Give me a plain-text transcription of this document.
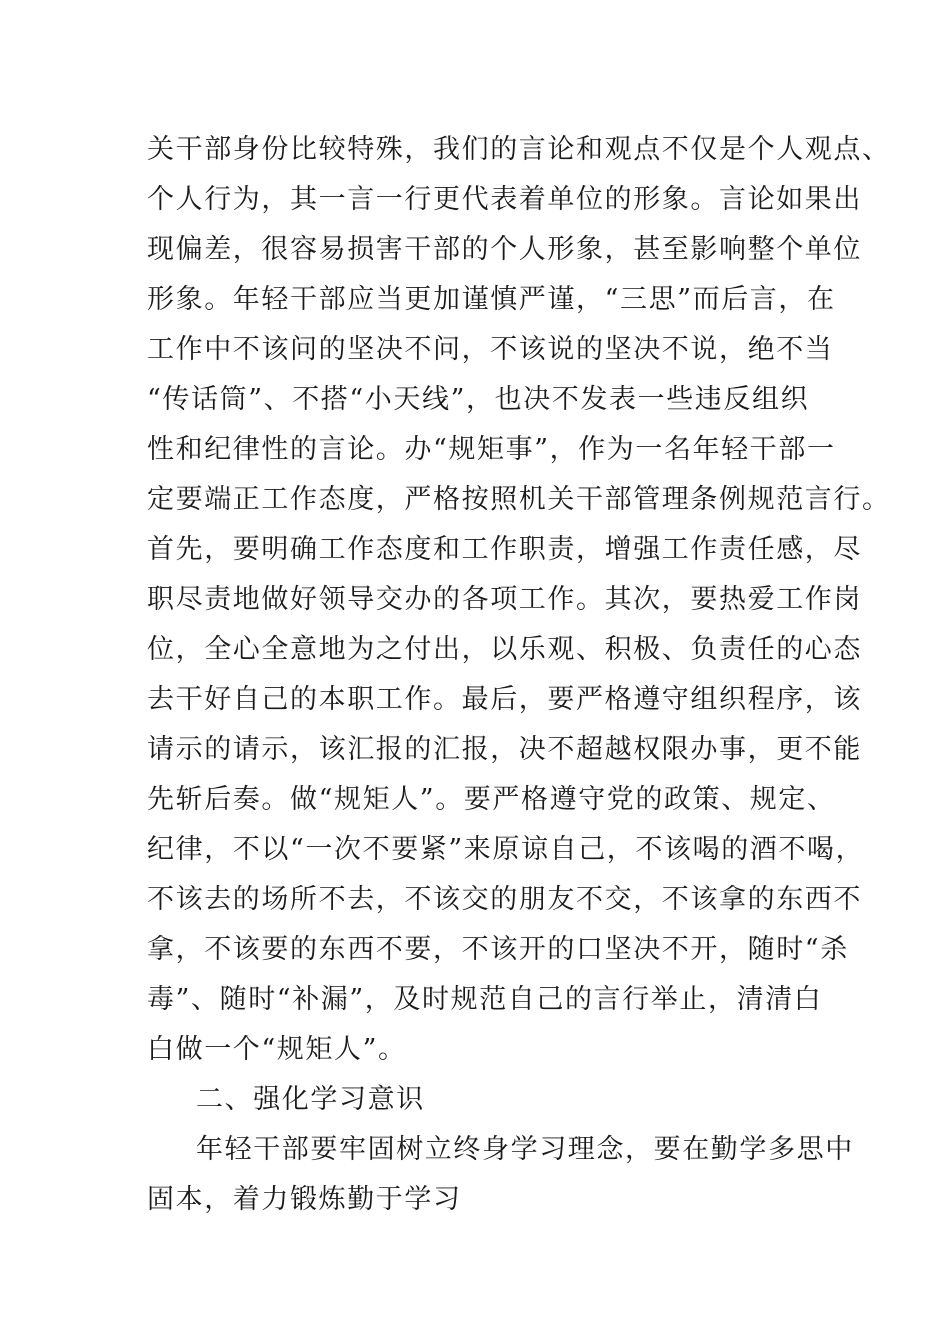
关干部身份比较特殊，我们的言论和观点不仅是个人观点、
个人行为，其一言一行更代表着单位的形象。言论如果出
现偏差，很容易损害干部的个人形象，甚至影响整个单位
形象。年轻干部应当更加谨慎严谨，“三思”而后言，在
工作中不该问的坚决不问，不该说的坚决不说，绝不当
“传话筒”、不搭“小天线”，也决不发表一些违反组织
性和纪律性的言论。办“规矩事”，作为一名年轻干部一
定要端正工作态度，严格按照机关干部管理条例规范言行。
首先，要明确工作态度和工作职责，增强工作责任感，尽
职尽责地做好领导交办的各项工作。其次，要热爱工作岗
位，全心全意地为之付出，以乐观、积极、负责任的心态
去干好自己的本职工作。最后，要严格遵守组织程序，该
请示的请示，该汇报的汇报，决不超越权限办事，更不能
先斩后奏。做“规矩人”。要严格遵守党的政策、规定、
纪律，不以“一次不要紧”来原谅自己，不该喝的酒不喝，
不该去的场所不去，不该交的朋友不交，不该拿的东西不
拿，不该要的东西不要，不该开的口坚决不开，随时“杀
毒”、随时“补漏”，及时规范自己的言行举止，清清白
白做一个“规矩人”。
二、强化学习意识
年轻干部要牢固树立终身学习理念，要在勤学多思中
固本，着力锻炼勤于学习
